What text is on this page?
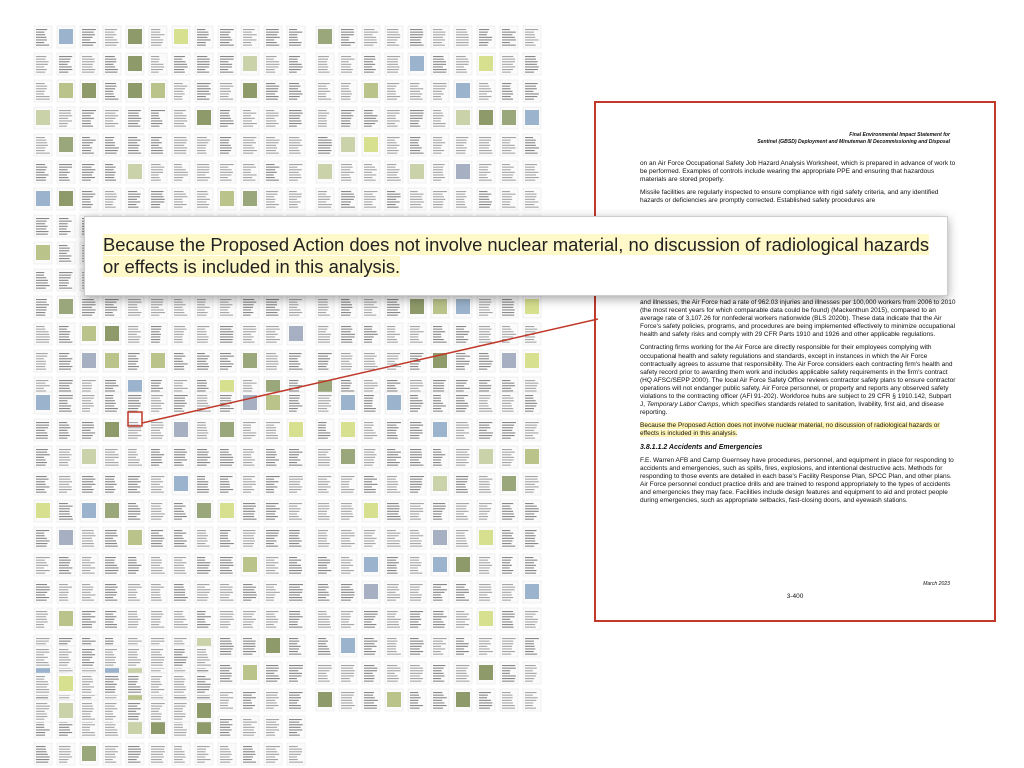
Final Environmental Impact Statement for
Sentinel (GBSD) Deployment and Minuteman III Decommissioning and Disposal

on an Air Force Occupational Safety Job Hazard Analysis Worksheet, which is prepared in advance of work to be performed. Examples of controls include wearing the appropriate PPE and ensuring that hazardous materials are stored properly.

Missile facilities are regularly inspected to ensure compliance with rigid safety criteria, and any identified hazards or deficiencies are promptly corrected. Established safety procedures are

and illnesses, the Air Force had a rate of 962.03 injuries and illnesses per 100,000 workers from 2006 to 2010 (the most recent years for which comparable data could be found) (Mackenthun 2015), compared to an average rate of 3,107.26 for nonfederal workers nationwide (BLS 2020b). These data indicate that the Air Force's safety policies, programs, and procedures are being implemented effectively to minimize occupational health and safety risks and comply with 29 CFR Parts 1910 and 1926 and other applicable regulations.

Contracting firms working for the Air Force are directly responsible for their employees complying with occupational health and safety regulations and standards, except in instances in which the Air Force contractually agrees to assume that responsibility. The Air Force considers each contracting firm's health and safety record prior to awarding them work and includes applicable safety requirements in the firm's contract (HQ AFSC/SEPP 2000). The local Air Force Safety Office reviews contractor safety plans to ensure contractor operations will not endanger public safety, Air Force personnel, or property and reports any observed safety violations to the contracting officer (AFI 91-202). Workforce hubs are subject to 29 CFR § 1910.142, Subpart J, Temporary Labor Camps, which specifies standards related to sanitation, livability, first aid, and disease reporting.

Because the Proposed Action does not involve nuclear material, no discussion of radiological hazards or effects is included in this analysis.

3.8.1.1.2 Accidents and Emergencies

F.E. Warren AFB and Camp Guernsey have procedures, personnel, and equipment in place for responding to accidents and emergencies, such as spills, fires, explosions, and intentional destructive acts. Methods for responding to those events are detailed in each base's Facility Response Plan, SPCC Plan, and other plans. Air Force personnel conduct practice drills and are trained to respond appropriately to the types of accidents and emergencies they may face. Facilities include design features and equipment to aid and protect people during emergencies, such as appropriate setbacks, fast-closing doors, and eyewash stations.

March 2023
3-400

Because the Proposed Action does not involve nuclear material, no discussion of radiological hazards or effects is included in this analysis.
